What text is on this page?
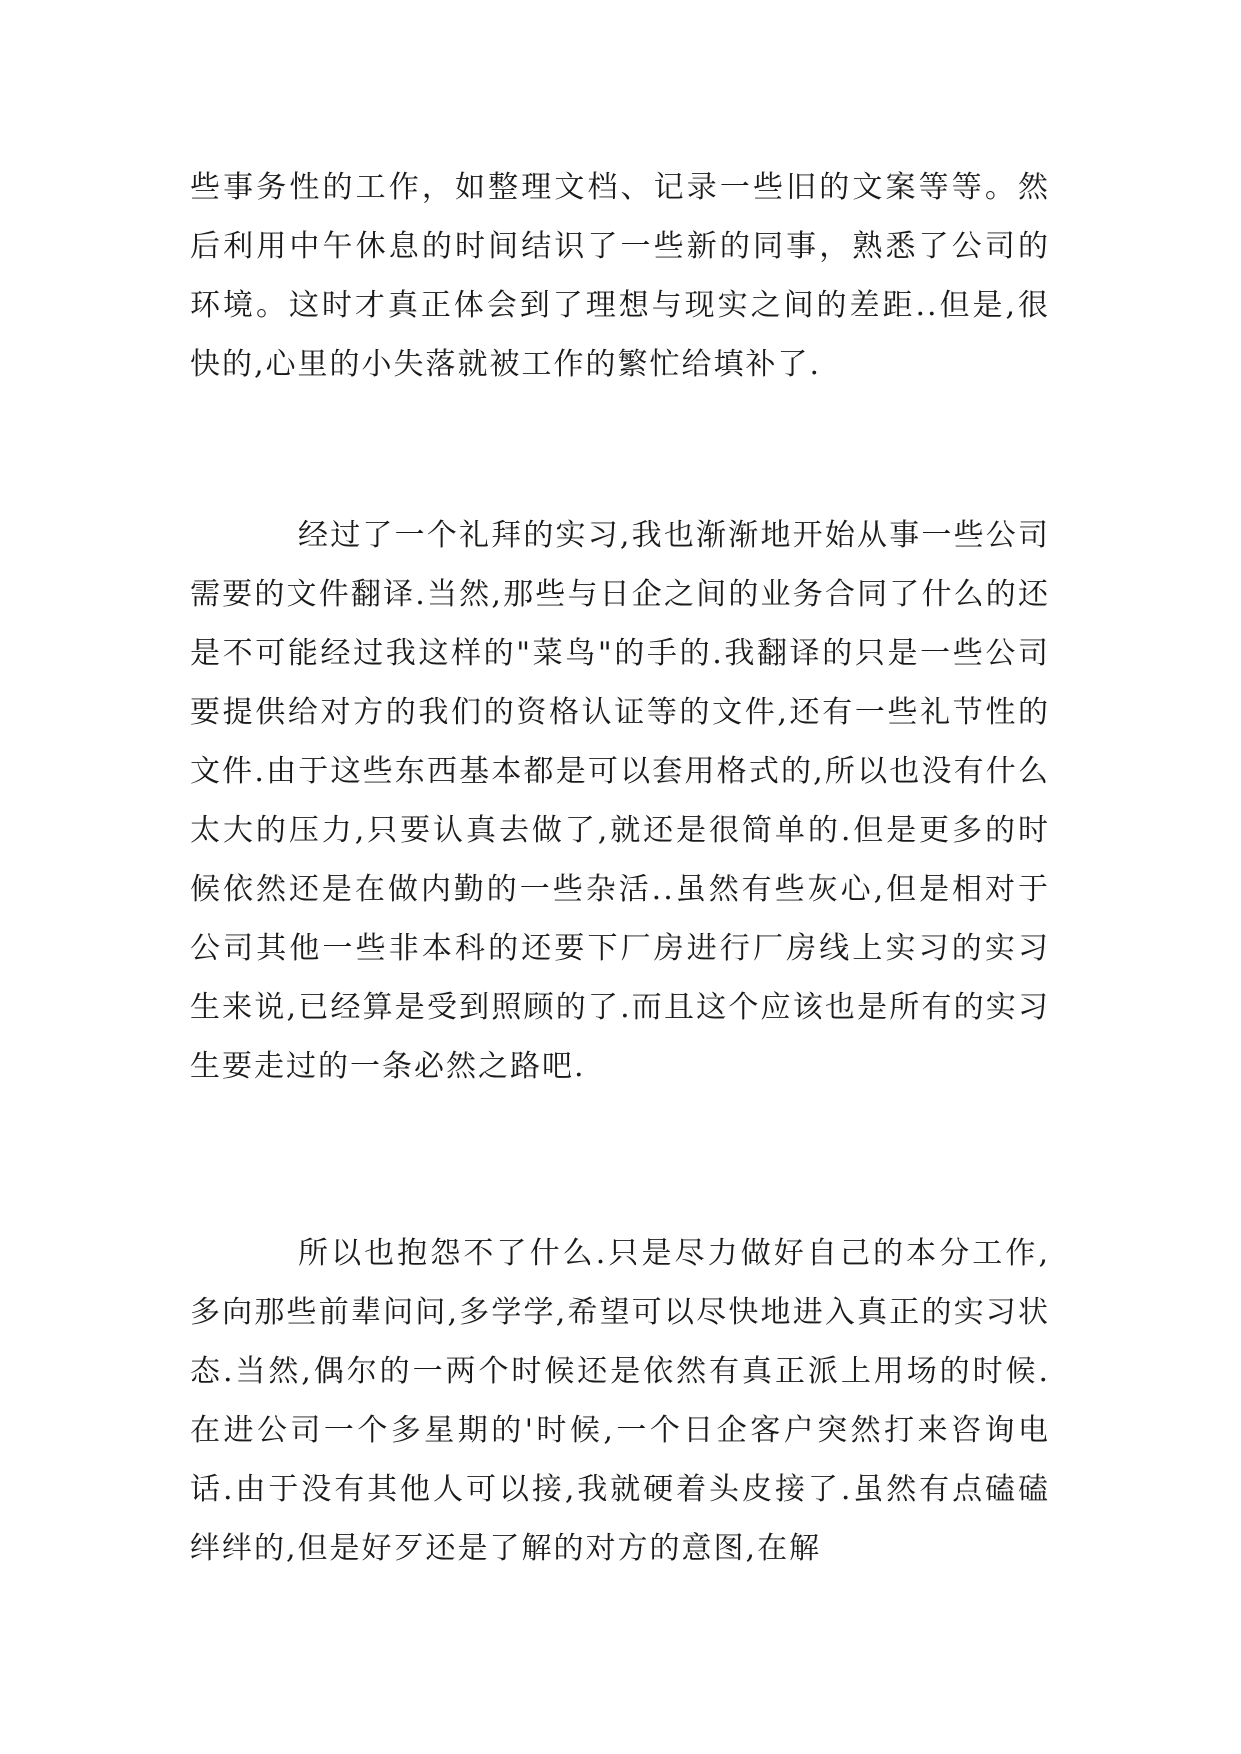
些事务性的工作，如整理文档、记录一些旧的文案等等。然后利用中午休息的时间结识了一些新的同事，熟悉了公司的环境。这时才真正体会到了理想与现实之间的差距..但是,很快的,心里的小失落就被工作的繁忙给填补了.

经过了一个礼拜的实习,我也渐渐地开始从事一些公司需要的文件翻译.当然,那些与日企之间的业务合同了什么的还是不可能经过我这样的"菜鸟"的手的.我翻译的只是一些公司要提供给对方的我们的资格认证等的文件,还有一些礼节性的文件.由于这些东西基本都是可以套用格式的,所以也没有什么太大的压力,只要认真去做了,就还是很简单的.但是更多的时候依然还是在做内勤的一些杂活..虽然有些灰心,但是相对于公司其他一些非本科的还要下厂房进行厂房线上实习的实习生来说,已经算是受到照顾的了.而且这个应该也是所有的实习生要走过的一条必然之路吧.

所以也抱怨不了什么.只是尽力做好自己的本分工作,多向那些前辈问问,多学学,希望可以尽快地进入真正的实习状态.当然,偶尔的一两个时候还是依然有真正派上用场的时候.在进公司一个多星期的'时候,一个日企客户突然打来咨询电话.由于没有其他人可以接,我就硬着头皮接了.虽然有点磕磕绊绊的,但是好歹还是了解的对方的意图,在解
